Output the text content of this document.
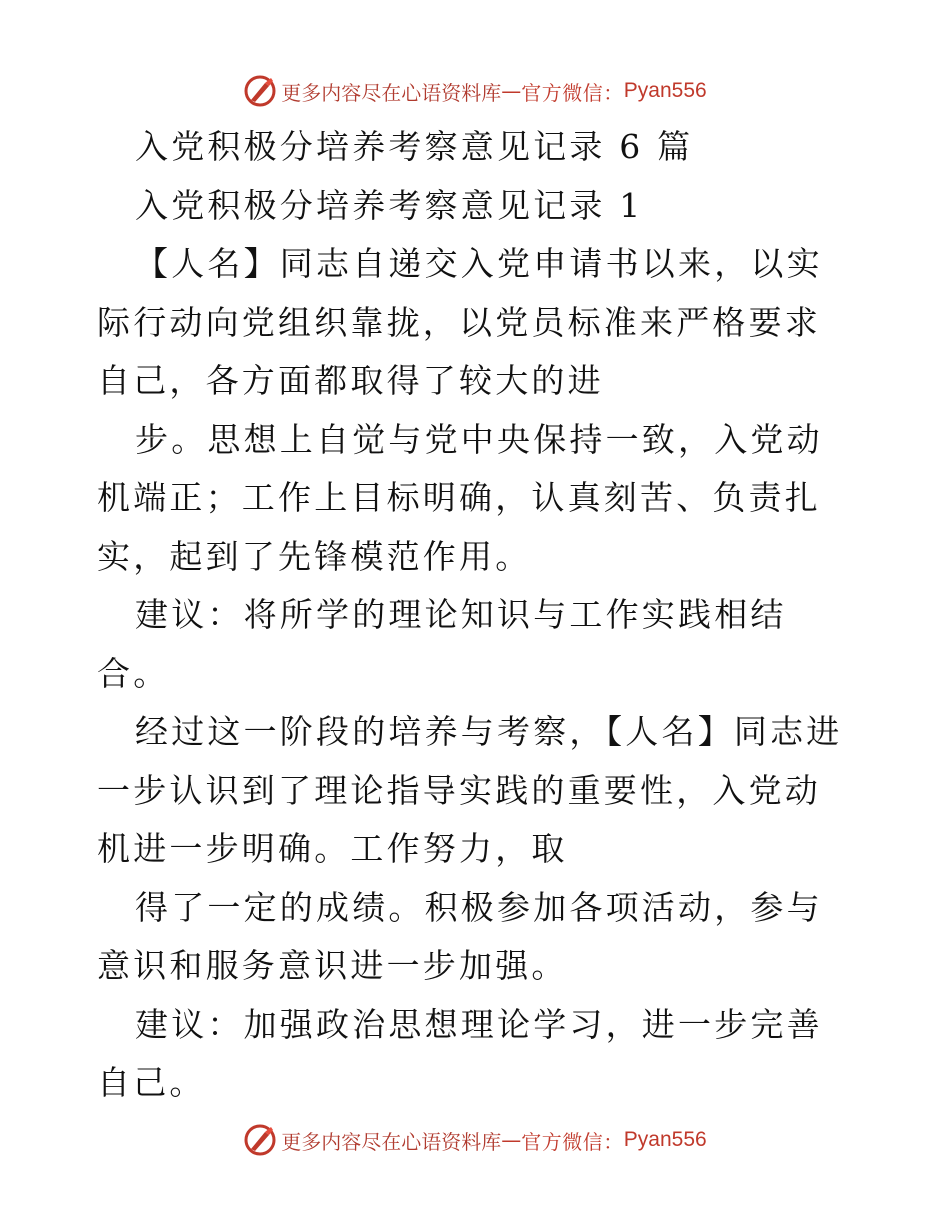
更多内容尽在心语资料库 — 官方微信： Pyan556

入党积极分培养考察意见记录 6 篇

入党积极分培养考察意见记录 1

【人名】同志自递交入党申请书以来，以实际行动向党组织靠拢，以党员标准来严格要求自己，各方面都取得了较大的进

步。思想上自觉与党中央保持一致，入党动机端正；工作上目标明确，认真刻苦、负责扎实，起到了先锋模范作用。

建议：将所学的理论知识与工作实践相结合。

经过这一阶段的培养与考察，【人名】同志进一步认识到了理论指导实践的重要性，入党动机进一步明确。工作努力，取

得了一定的成绩。积极参加各项活动，参与意识和服务意识进一步加强。

建议：加强政治思想理论学习，进一步完善自己。

更多内容尽在心语资料库 — 官方微信： Pyan556
